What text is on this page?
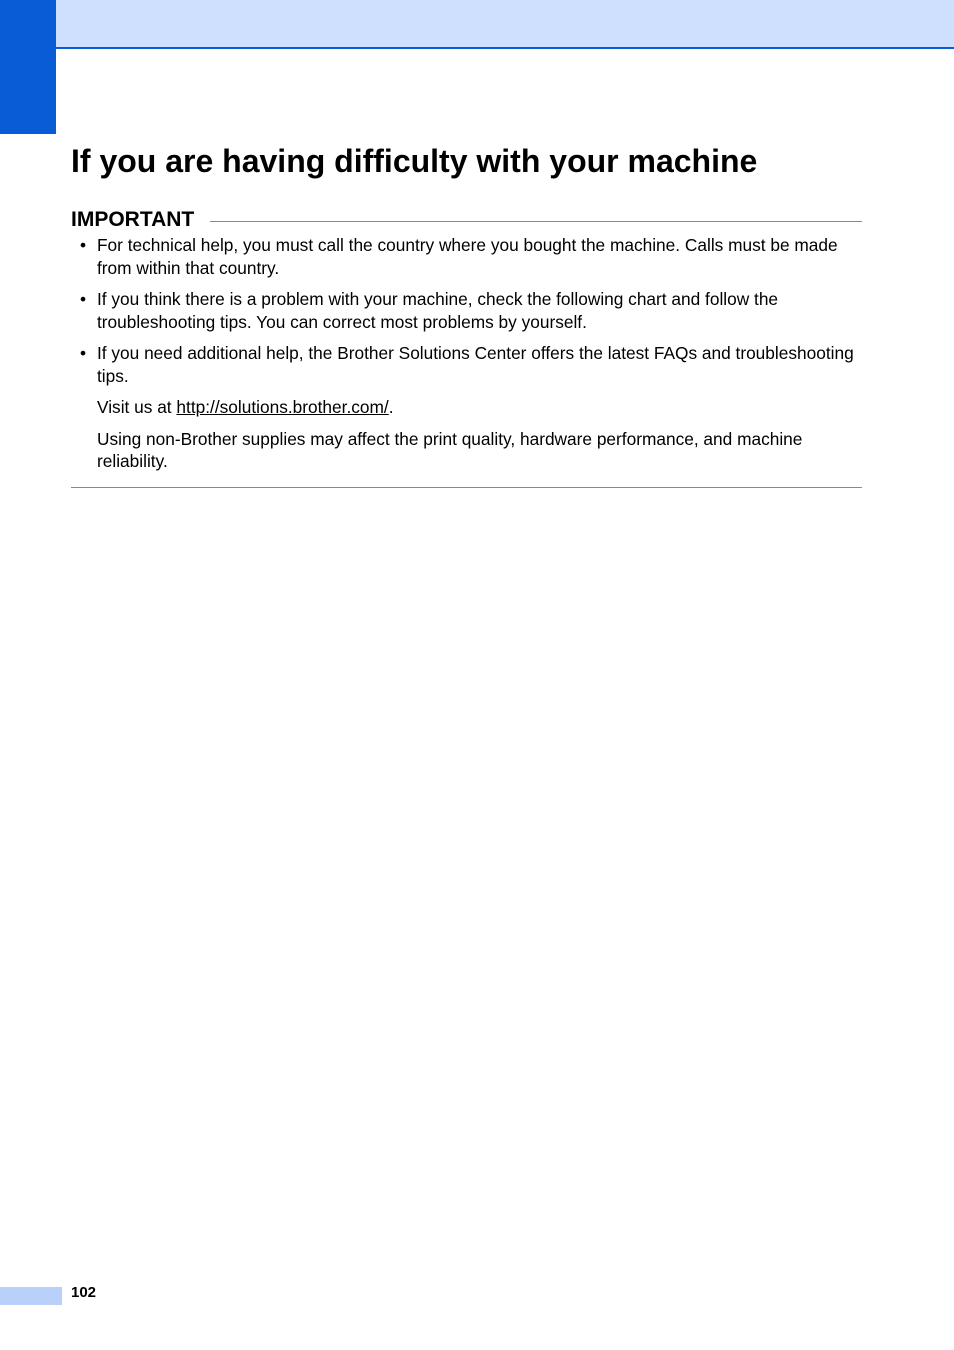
If you are having difficulty with your machine
IMPORTANT
• For technical help, you must call the country where you bought the machine. Calls must be made from within that country.
• If you think there is a problem with your machine, check the following chart and follow the troubleshooting tips. You can correct most problems by yourself.
• If you need additional help, the Brother Solutions Center offers the latest FAQs and troubleshooting tips.

Visit us at http://solutions.brother.com/.

Using non-Brother supplies may affect the print quality, hardware performance, and machine reliability.

102
